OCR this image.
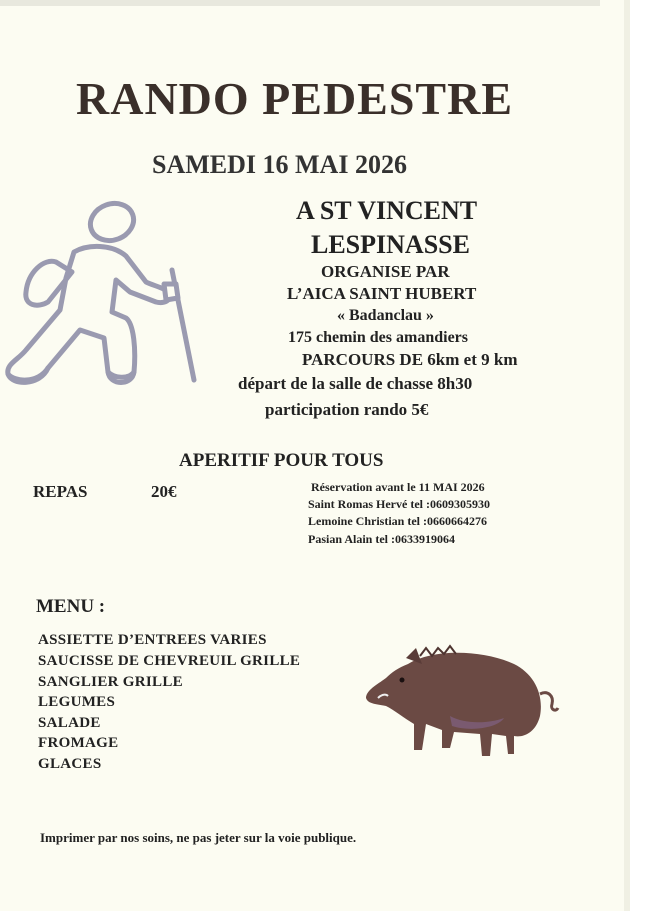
RANDO PEDESTRE
SAMEDI 16 MAI 2026
A ST VINCENT
LESPINASSE
ORGANISE PAR
L’AICA SAINT HUBERT
« Badanclau »
175 chemin des amandiers
PARCOURS DE 6km et 9 km
départ de la salle de chasse 8h30
participation rando 5€
APERITIF POUR TOUS
REPAS	20€	Réservation avant le 11 MAI 2026
Saint Romas Hervé tel :0609305930
Lemoine Christian tel :0660664276
Pasian Alain tel :0633919064
MENU :
ASSIETTE D’ENTREES VARIES
SAUCISSE DE CHEVREUIL GRILLE
SANGLIER GRILLE
LEGUMES
SALADE
FROMAGE
GLACES
Imprimer par nos soins, ne pas jeter sur la voie publique.
